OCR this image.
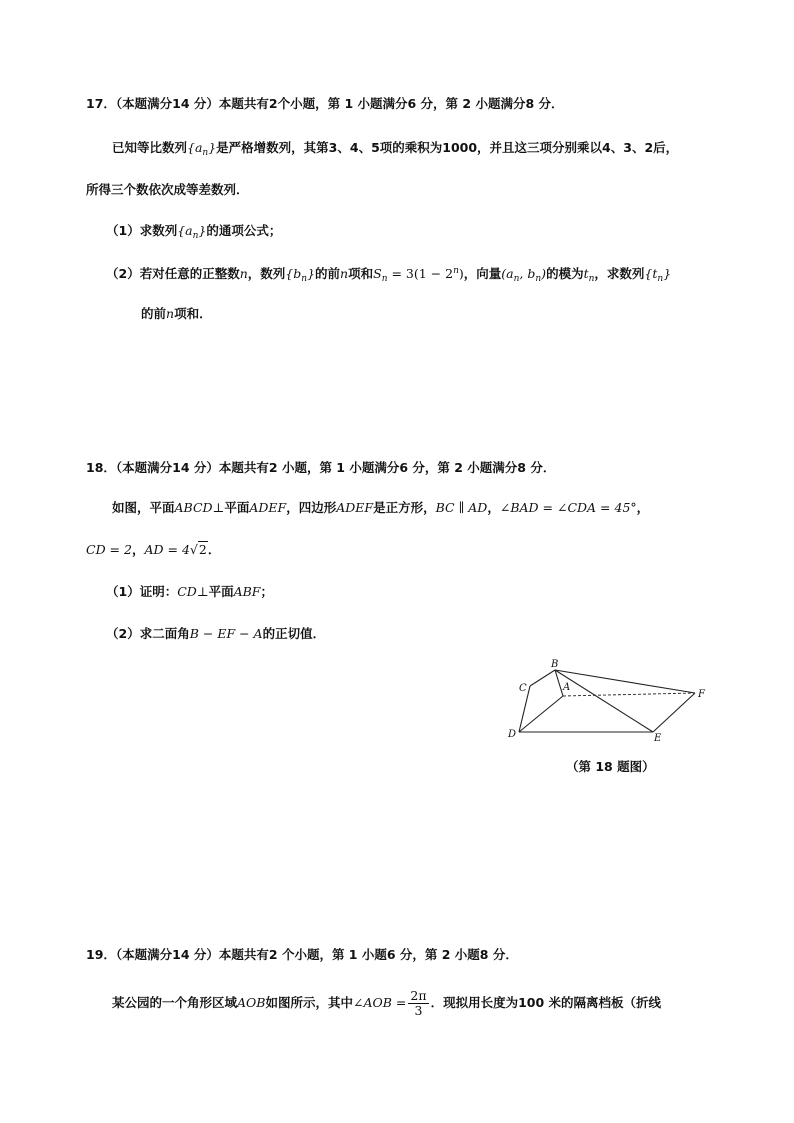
17．（本题满分14 分）本题共有2个小题，第 1 小题满分6 分，第 2 小题满分8 分．
已知等比数列$\{a_n\}$是严格增数列，其第3、4、5项的乘积为1000，并且这三项分别乘以4、3、2后，
所得三个数依次成等差数列．
（1）求数列$\{a_n\}$的通项公式；
（2）若对任意的正整数n，数列$\{b_n\}$的前n项和$S_n = 3(1 - 2^n)$，向量($a_n$, $b_n$)的模为$t_n$，求数列$\{t_n\}$
的前n项和．
18．（本题满分14 分）本题共有2 小题，第 1 小题满分6 分，第 2 小题满分8 分．
如图，平面ABCD⊥平面ADEF，四边形ADEF是正方形，BC ∥ AD，∠BAD = ∠CDA = 45°，
CD = 2，AD = 4√2．
（1）证明：CD⊥平面ABF；
（2）求二面角B − EF − A的正切值．
B
C	A
F
D	E
（第 18 题图）
19．（本题满分14 分）本题共有2 个小题，第 1 小题6 分，第 2 小题8 分．
某公园的一个角形区域AOB如图所示，其中∠AOB = $\frac{2\pi}{3}$ ．现拟用长度为100 米的隔离档板（折线
